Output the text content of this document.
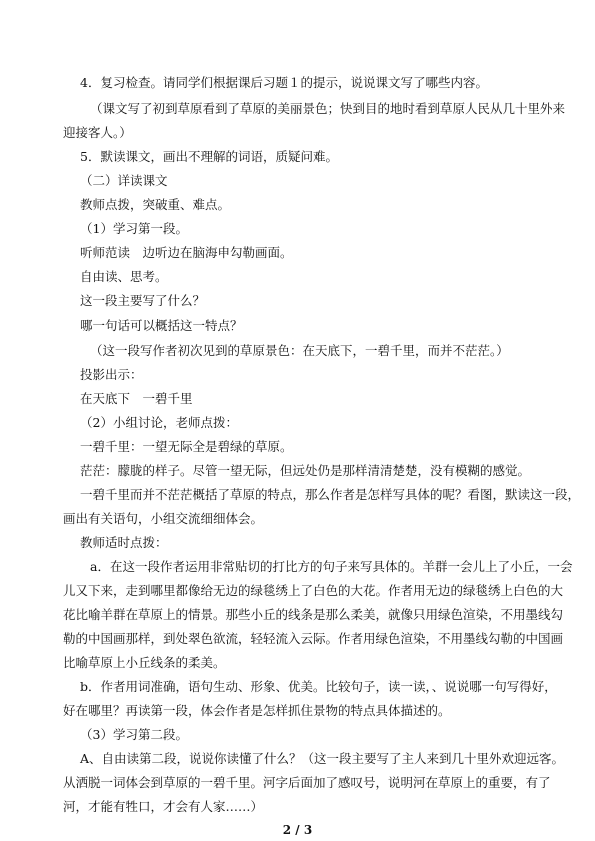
4．复习检查。请同学们根据课后习题１的提示，说说课文写了哪些内容。
（课文写了初到草原看到了草原的美丽景色；快到目的地时看到草原人民从几十里外来
迎接客人。）
5．默读课文，画出不理解的词语，质疑问难。
（二）详读课文
教师点拨，突破重、难点。
（1）学习第一段。
听师范读　边听边在脑海申勾勒画面。
自由读、思考。
这一段主要写了什么？
哪一句话可以概括这一特点？
（这一段写作者初次见到的草原景色：在天底下，一碧千里，而并不茫茫。）
投影出示：
在天底下　一碧千里
（2）小组讨论，老师点拨：
一碧千里：一望无际全是碧绿的草原。
茫茫：朦胧的样子。尽管一望无际，但远处仍是那样清清楚楚，没有模糊的感觉。
一碧千里而并不茫茫概括了草原的特点，那么作者是怎样写具体的呢？看图，默读这一段，
画出有关语句，小组交流细细体会。
教师适时点拨：
a．在这一段作者运用非常贴切的打比方的句子来写具体的。羊群一会儿上了小丘，一会
儿又下来，走到哪里都像给无边的绿毯绣上了白色的大花。作者用无边的绿毯绣上白色的大
花比喻羊群在草原上的情景。那些小丘的线条是那么柔美，就像只用绿色渲染，不用墨线勾
勒的中国画那样，到处翠色欲流，轻轻流入云际。作者用绿色渲染，不用墨线勾勒的中国画
比喻草原上小丘线条的柔美。
b．作者用词准确，语句生动、形象、优美。比较句子，读一读，、说说哪一句写得好，
好在哪里？再读第一段，体会作者是怎样抓住景物的特点具体描述的。
（3）学习第二段。
A、自由读第二段，说说你读懂了什么？（这一段主要写了主人来到几十里外欢迎远客。
从洒脱一词体会到草原的一碧千里。河字后面加了感叹号，说明河在草原上的重要，有了
河，才能有牲口，才会有人家……）
2 / 3
